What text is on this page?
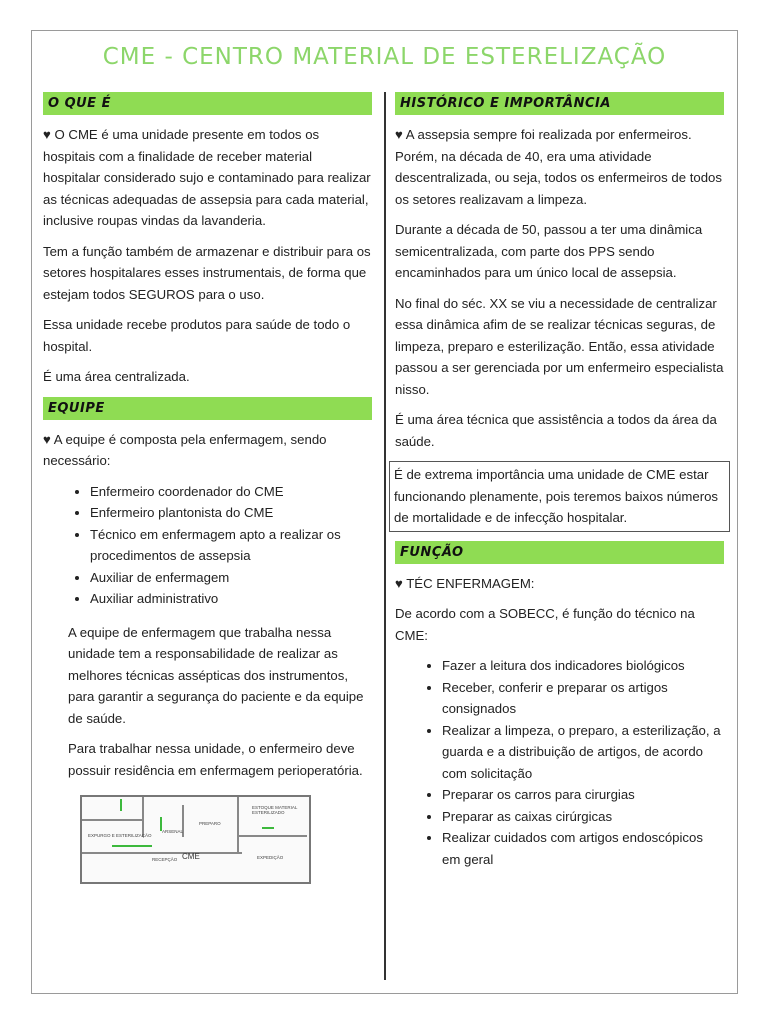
CME - CENTRO MATERIAL DE ESTERELIZAÇÃO
O QUE É

♥ O CME é uma unidade presente em todos os hospitais com a finalidade de receber material hospitalar considerado sujo e contaminado para realizar as técnicas adequadas de assepsia para cada material, inclusive roupas vindas da lavanderia.

Tem a função também de armazenar e distribuir para os setores hospitalares esses instrumentais, de forma que estejam todos SEGUROS para o uso.

Essa unidade recebe produtos para saúde de todo o hospital.

É uma área centralizada.

EQUIPE

♥ A equipe é composta pela enfermagem, sendo necessário:

• Enfermeiro coordenador do CME
• Enfermeiro plantonista do CME
• Técnico em enfermagem apto a realizar os procedimentos de assepsia
• Auxiliar de enfermagem
• Auxiliar administrativo

A equipe de enfermagem que trabalha nessa unidade tem a responsabilidade de realizar as melhores técnicas assépticas dos instrumentos, para garantir a segurança do paciente e da equipe de saúde.

Para trabalhar nessa unidade, o enfermeiro deve possuir residência em enfermagem perioperatória.

EXPURGO E ESTERILIZAÇÃO
ARSENAL
PREPARO
ESTOQUE MATERIAL ESTERILIZADO
RECEPÇÃO CME	EXPEDIÇÃO
HISTÓRICO E IMPORTÂNCIA

♥ A assepsia sempre foi realizada por enfermeiros. Porém, na década de 40, era uma atividade descentralizada, ou seja, todos os enfermeiros de todos os setores realizavam a limpeza.

Durante a década de 50, passou a ter uma dinâmica semicentralizada, com parte dos PPS sendo encaminhados para um único local de assepsia.

No final do séc. XX se viu a necessidade de centralizar essa dinâmica afim de se realizar técnicas seguras, de limpeza, preparo e esterilização. Então, essa atividade passou a ser gerenciada por um enfermeiro especialista nisso.

É uma área técnica que assistência a todos da área da saúde.

É de extrema importância uma unidade de CME estar funcionando plenamente, pois teremos baixos números de mortalidade e de infecção hospitalar.

FUNÇÃO

♥ TÉC ENFERMAGEM:

De acordo com a SOBECC, é função do técnico na CME:

• Fazer a leitura dos indicadores biológicos
• Receber, conferir e preparar os artigos consignados
• Realizar a limpeza, o preparo, a esterilização, a guarda e a distribuição de artigos, de acordo com solicitação
• Preparar os carros para cirurgias
• Preparar as caixas cirúrgicas
• Realizar cuidados com artigos endoscópicos em geral
